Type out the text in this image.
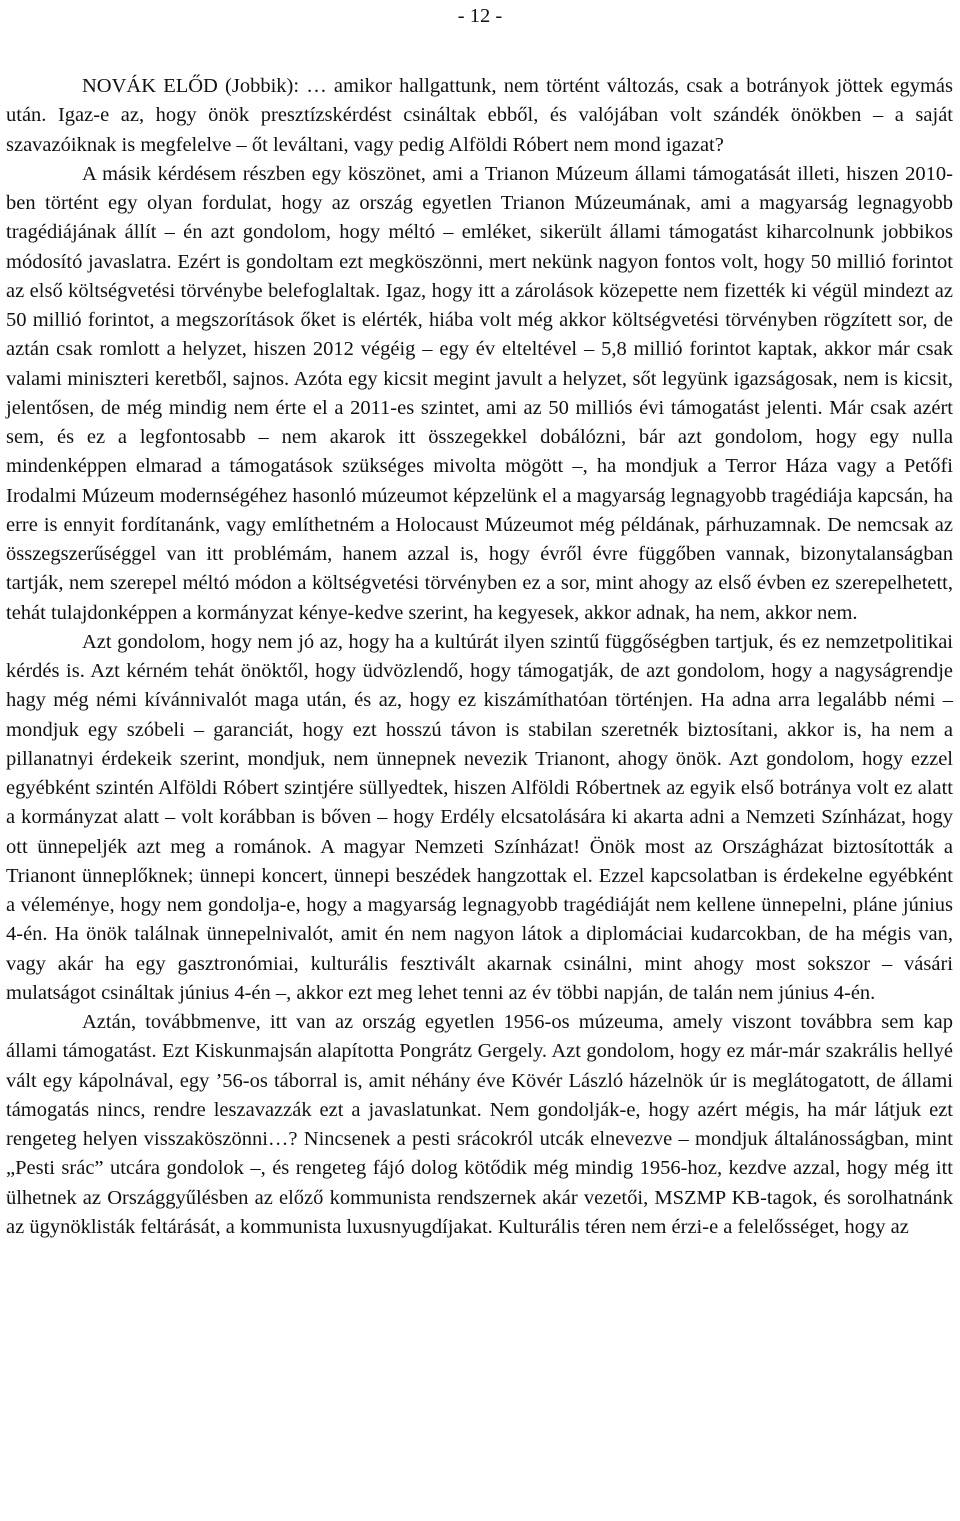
- 12 -

NOVÁK ELŐD (Jobbik): … amikor hallgattunk, nem történt változás, csak a botrányok jöttek egymás után. Igaz-e az, hogy önök presztízskérdést csináltak ebből, és valójában volt szándék önökben – a saját szavazóiknak is megfelelve – őt leváltani, vagy pedig Alföldi Róbert nem mond igazat?

A másik kérdésem részben egy köszönet, ami a Trianon Múzeum állami támogatását illeti, hiszen 2010-ben történt egy olyan fordulat, hogy az ország egyetlen Trianon Múzeumának, ami a magyarság legnagyobb tragédiájának állít – én azt gondolom, hogy méltó – emléket, sikerült állami támogatást kiharcolnunk jobbikos módosító javaslatra. Ezért is gondoltam ezt megköszönni, mert nekünk nagyon fontos volt, hogy 50 millió forintot az első költségvetési törvénybe belefoglaltak. Igaz, hogy itt a zárolások közepette nem fizették ki végül mindezt az 50 millió forintot, a megszorítások őket is elérték, hiába volt még akkor költségvetési törvényben rögzített sor, de aztán csak romlott a helyzet, hiszen 2012 végéig – egy év elteltével – 5,8 millió forintot kaptak, akkor már csak valami miniszteri keretből, sajnos. Azóta egy kicsit megint javult a helyzet, sőt legyünk igazságosak, nem is kicsit, jelentősen, de még mindig nem érte el a 2011-es szintet, ami az 50 milliós évi támogatást jelenti. Már csak azért sem, és ez a legfontosabb – nem akarok itt összegekkel dobálózni, bár azt gondolom, hogy egy nulla mindenképpen elmarad a támogatások szükséges mivolta mögött –, ha mondjuk a Terror Háza vagy a Petőfi Irodalmi Múzeum modernségéhez hasonló múzeumot képzelünk el a magyarság legnagyobb tragédiája kapcsán, ha erre is ennyit fordítanánk, vagy említhetném a Holocaust Múzeumot még példának, párhuzamnak. De nemcsak az összegszerűséggel van itt problémám, hanem azzal is, hogy évről évre függőben vannak, bizonytalanságban tartják, nem szerepel méltó módon a költségvetési törvényben ez a sor, mint ahogy az első évben ez szerepelhetett, tehát tulajdonképpen a kormányzat kénye-kedve szerint, ha kegyesek, akkor adnak, ha nem, akkor nem.

Azt gondolom, hogy nem jó az, hogy ha a kultúrát ilyen szintű függőségben tartjuk, és ez nemzetpolitikai kérdés is. Azt kérném tehát önöktől, hogy üdvözlendő, hogy támogatják, de azt gondolom, hogy a nagyságrendje hagy még némi kívánnivalót maga után, és az, hogy ez kiszámíthatóan történjen. Ha adna arra legalább némi – mondjuk egy szóbeli – garanciát, hogy ezt hosszú távon is stabilan szeretnék biztosítani, akkor is, ha nem a pillanatnyi érdekeik szerint, mondjuk, nem ünnepnek nevezik Trianont, ahogy önök. Azt gondolom, hogy ezzel egyébként szintén Alföldi Róbert szintjére süllyedtek, hiszen Alföldi Róbertnek az egyik első botránya volt ez alatt a kormányzat alatt – volt korábban is bőven – hogy Erdély elcsatolására ki akarta adni a Nemzeti Színházat, hogy ott ünnepeljék azt meg a románok. A magyar Nemzeti Színházat! Önök most az Országházat biztosították a Trianont ünneplőknek; ünnepi koncert, ünnepi beszédek hangzottak el. Ezzel kapcsolatban is érdekelne egyébként a véleménye, hogy nem gondolja-e, hogy a magyarság legnagyobb tragédiáját nem kellene ünnepelni, pláne június 4-én. Ha önök találnak ünnepelnivalót, amit én nem nagyon látok a diplomáciai kudarcokban, de ha mégis van, vagy akár ha egy gasztronómiai, kulturális fesztivált akarnak csinálni, mint ahogy most sokszor – vásári mulatságot csináltak június 4-én –, akkor ezt meg lehet tenni az év többi napján, de talán nem június 4-én.

Aztán, továbbmenve, itt van az ország egyetlen 1956-os múzeuma, amely viszont továbbra sem kap állami támogatást. Ezt Kiskunmajsán alapította Pongrátz Gergely. Azt gondolom, hogy ez már-már szakrális hellyé vált egy kápolnával, egy ’56-os táborral is, amit néhány éve Kövér László házelnök úr is meglátogatott, de állami támogatás nincs, rendre leszavazzák ezt a javaslatunkat. Nem gondolják-e, hogy azért mégis, ha már látjuk ezt rengeteg helyen visszaköszönni…? Nincsenek a pesti srácokról utcák elnevezve – mondjuk általánosságban, mint „Pesti srác” utcára gondolok –, és rengeteg fájó dolog kötődik még mindig 1956-hoz, kezdve azzal, hogy még itt ülhetnek az Országgyűlésben az előző kommunista rendszernek akár vezetői, MSZMP KB-tagok, és sorolhatnánk az ügynöklisták feltárását, a kommunista luxusnyugdíjakat. Kulturális téren nem érzi-e a felelősséget, hogy az
